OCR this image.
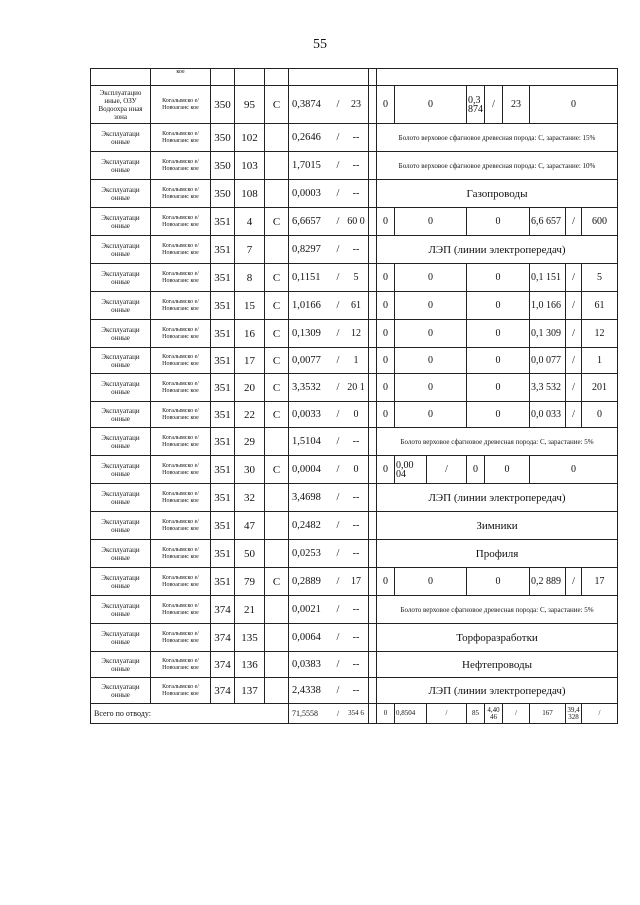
55
	кое															
Эксплуатацио нные, ОЗУ Водоохра нная зона	Когалымско е/Новоаганс кое	350	95	С	0,3874 / 23		0	0		0,3 874	/	23	0			
Эксплуатаци онные	Когалымско е/Новоаганс кое	350	102		0,2646 / --		Болото верховое сфагновое древесная порода: С, зарастание: 15%									
Эксплуатаци онные	Когалымско е/Новоаганс кое	350	103		1,7015 / --		Болото верховое сфагновое древесная порода: С, зарастание: 10%									
Эксплуатаци онные	Когалымско е/Новоаганс кое	350	108		0,0003 / --		Газопроводы									
Эксплуатаци онные	Когалымско е/Новоаганс кое	351	4	С	6,6657 / 60 0		0	0		0			6,6 657	/	600	
Эксплуатаци онные	Когалымско е/Новоаганс кое	351	7		0,8297 / --		ЛЭП (линии электропередач)									
Эксплуатаци онные	Когалымско е/Новоаганс кое	351	8	С	0,1151 / 5		0	0		0			0,1 151	/	5	
Эксплуатаци онные	Когалымско е/Новоаганс кое	351	15	С	1,0166 / 61		0	0		0			1,0 166	/	61	
Эксплуатаци онные	Когалымско е/Новоаганс кое	351	16	С	0,1309 / 12		0	0		0			0,1 309	/	12	
Эксплуатаци онные	Когалымско е/Новоаганс кое	351	17	С	0,0077 / 1		0	0		0			0,0 077	/	1	
Эксплуатаци онные	Когалымско е/Новоаганс кое	351	20	С	3,3532 / 20 1		0	0		0			3,3 532	/	201	
Эксплуатаци онные	Когалымско е/Новоаганс кое	351	22	С	0,0033 / 0		0	0		0			0,0 033	/	0	
Эксплуатаци онные	Когалымско е/Новоаганс кое	351	29		1,5104 / --		Болото верховое сфагновое древесная порода: С, зарастание: 5%									
Эксплуатаци онные	Когалымско е/Новоаганс кое	351	30	С	0,0004 / 0		0	0,00 04	/	0	0		0			
Эксплуатаци онные	Когалымско е/Новоаганс кое	351	32		3,4698 / --		ЛЭП (линии электропередач)									
Эксплуатаци онные	Когалымско е/Новоаганс кое	351	47		0,2482 / --		Зимники									
Эксплуатаци онные	Когалымско е/Новоаганс кое	351	50		0,0253 / --		Профиля									
Эксплуатаци онные	Когалымско е/Новоаганс кое	351	79	С	0,2889 / 17		0	0		0			0,2 889	/	17	
Эксплуатаци онные	Когалымско е/Новоаганс кое	374	21		0,0021 / --		Болото верховое сфагновое древесная порода: С, зарастание: 5%									
Эксплуатаци онные	Когалымско е/Новоаганс кое	374	135		0,0064 / --		Торфоразработки									
Эксплуатаци онные	Когалымско е/Новоаганс кое	374	136		0,0383 / --		Нефтепроводы									
Эксплуатаци онные	Когалымско е/Новоаганс кое	374	137		2,4338 / --		ЛЭП (линии электропередач)									
Всего по отводу:					71,5558 / 354 6		0	0,8504	/	85	4,40 46	/	167	39,4 328	/	
